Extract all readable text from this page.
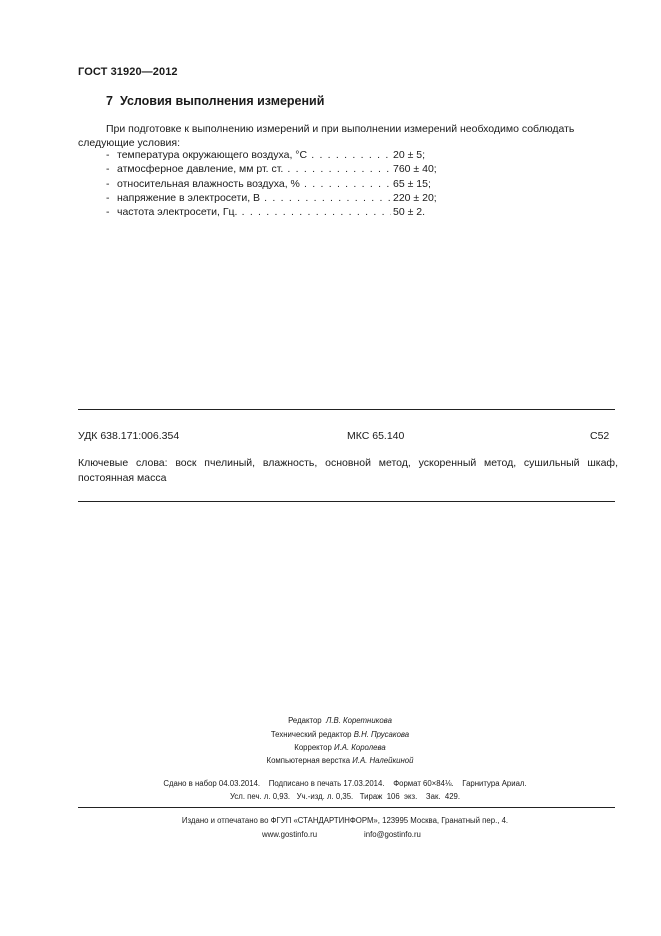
ГОСТ 31920—2012
7 Условия выполнения измерений
При подготовке к выполнению измерений и при выполнении измерений необходимо соблюдать следующие условия:
- температура окружающего воздуха, °С . . .	20 ± 5;
- атмосферное давление, мм рт. ст. . . .	760 ± 40;
- относительная влажность воздуха, % . . .	65 ± 15;
- напряжение в электросети, В . . .	220 ± 20;
- частота электросети, Гц. . . .	50 ± 2.
УДК 638.171:006.354	МКС 65.140	С52
Ключевые слова: воск пчелиный, влажность, основной метод, ускоренный метод, сушильный шкаф, постоянная масса
Редактор Л.В. Коретникова
Технический редактор В.Н. Прусакова
Корректор И.А. Королева
Компьютерная верстка И.А. Налейкиной
Сдано в набор 04.03.2014.    Подписано в печать 17.03.2014.    Формат 60×84⅛.    Гарнитура Ариал.
Усл. печ. л. 0,93.   Уч.-изд. л. 0,35.   Тираж  106  экз.    Зак.  429.
Издано и отпечатано во ФГУП «СТАНДАРТИНФОРМ», 123995 Москва, Гранатный пер., 4.
www.gostinfo.ru	info@gostinfo.ru
